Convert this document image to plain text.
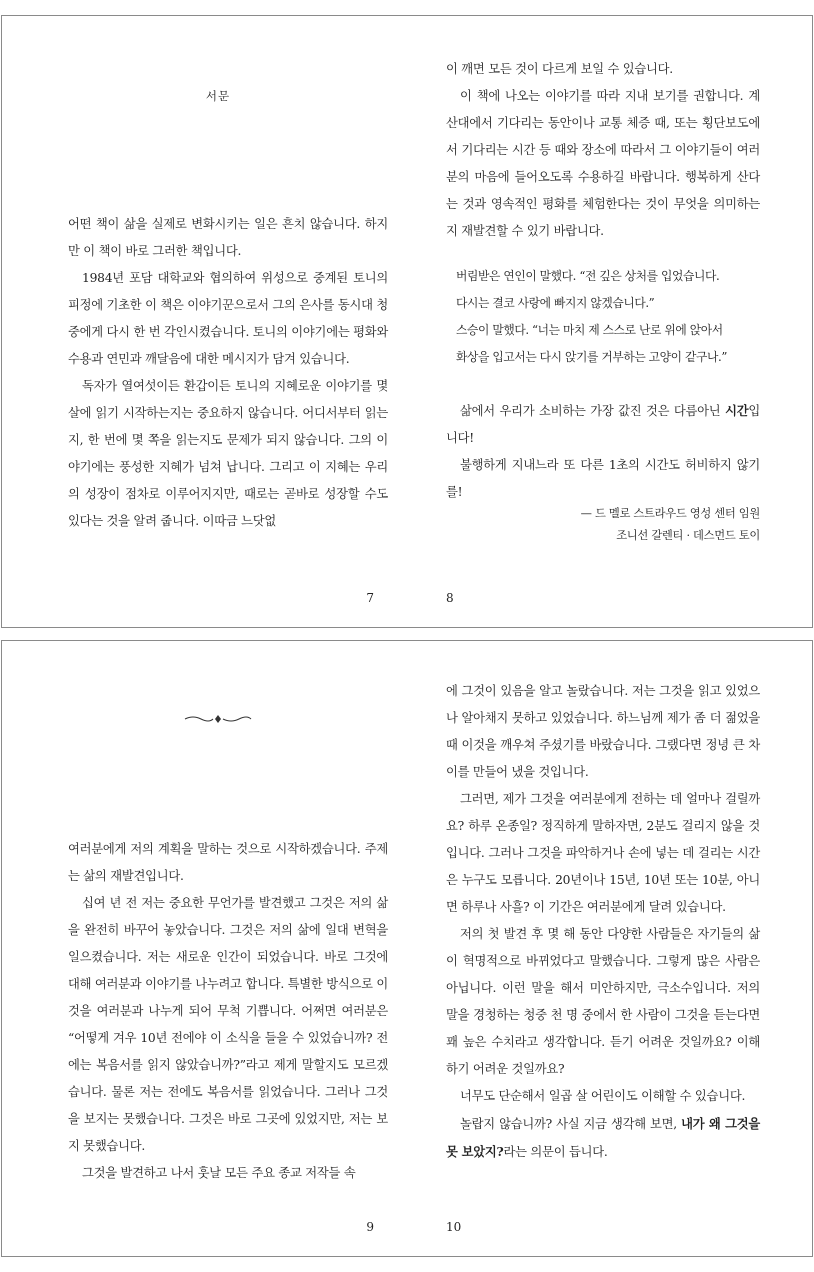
서문

어떤 책이 삶을 실제로 변화시키는 일은 흔치 않습니다. 하지만 이 책이 바로 그러한 책입니다.

1984년 포담 대학교와 협의하여 위성으로 중계된 토니의 피정에 기초한 이 책은 이야기꾼으로서 그의 은사를 동시대 청중에게 다시 한 번 각인시켰습니다. 토니의 이야기에는 평화와 수용과 연민과 깨달음에 대한 메시지가 담겨 있습니다.

독자가 열여섯이든 환갑이든 토니의 지혜로운 이야기를 몇 살에 읽기 시작하는지는 중요하지 않습니다. 어디서부터 읽는지, 한 번에 몇 쪽을 읽는지도 문제가 되지 않습니다. 그의 이야기에는 풍성한 지혜가 넘쳐 납니다. 그리고 이 지혜는 우리의 성장이 점차로 이루어지지만, 때로는 곧바로 성장할 수도 있다는 것을 알려 줍니다. 이따금 느닷없

7

이 깨면 모든 것이 다르게 보일 수 있습니다.

이 책에 나오는 이야기를 따라 지내 보기를 권합니다. 계산대에서 기다리는 동안이나 교통 체증 때, 또는 횡단보도에서 기다리는 시간 등 때와 장소에 따라서 그 이야기들이 여러분의 마음에 들어오도록 수용하길 바랍니다. 행복하게 산다는 것과 영속적인 평화를 체험한다는 것이 무엇을 의미하는지 재발견할 수 있기 바랍니다.

버림받은 연인이 말했다. “전 깊은 상처를 입었습니다.

다시는 결코 사랑에 빠지지 않겠습니다.”

스승이 말했다. “너는 마치 제 스스로 난로 위에 앉아서

화상을 입고서는 다시 앉기를 거부하는 고양이 같구나.”

삶에서 우리가 소비하는 가장 값진 것은 다름아닌 시간입니다!

불행하게 지내느라 또 다른 1초의 시간도 허비하지 않기를!

— 드 멜로 스트라우드 영성 센터 임원

조니선 갈렌티 · 데스먼드 토이

8

여러분에게 저의 계획을 말하는 것으로 시작하겠습니다. 주제는 삶의 재발견입니다.

십여 년 전 저는 중요한 무언가를 발견했고 그것은 저의 삶을 완전히 바꾸어 놓았습니다. 그것은 저의 삶에 일대 변혁을 일으켰습니다. 저는 새로운 인간이 되었습니다. 바로 그것에 대해 여러분과 이야기를 나누려고 합니다. 특별한 방식으로 이것을 여러분과 나누게 되어 무척 기쁩니다. 어쩌면 여러분은 “어떻게 겨우 10년 전에야 이 소식을 들을 수 있었습니까? 전에는 복음서를 읽지 않았습니까?”라고 제게 말할지도 모르겠습니다. 물론 저는 전에도 복음서를 읽었습니다. 그러나 그것을 보지는 못했습니다. 그것은 바로 그곳에 있었지만, 저는 보지 못했습니다.

그것을 발견하고 나서 훗날 모든 주요 종교 저작들 속

9

에 그것이 있음을 알고 놀랐습니다. 저는 그것을 읽고 있었으나 알아채지 못하고 있었습니다. 하느님께 제가 좀 더 젊었을 때 이것을 깨우쳐 주셨기를 바랐습니다. 그랬다면 정녕 큰 차이를 만들어 냈을 것입니다.

그러면, 제가 그것을 여러분에게 전하는 데 얼마나 걸릴까요? 하루 온종일? 정직하게 말하자면, 2분도 걸리지 않을 것입니다. 그러나 그것을 파악하거나 손에 넣는 데 걸리는 시간은 누구도 모릅니다. 20년이나 15년, 10년 또는 10분, 아니면 하루나 사흘? 이 기간은 여러분에게 달려 있습니다.

저의 첫 발견 후 몇 해 동안 다양한 사람들은 자기들의 삶이 혁명적으로 바뀌었다고 말했습니다. 그렇게 많은 사람은 아닙니다. 이런 말을 해서 미안하지만, 극소수입니다. 저의 말을 경청하는 청중 천 명 중에서 한 사람이 그것을 듣는다면 꽤 높은 수치라고 생각합니다. 듣기 어려운 것일까요? 이해하기 어려운 것일까요?

너무도 단순해서 일곱 살 어린이도 이해할 수 있습니다.

놀랍지 않습니까? 사실 지금 생각해 보면, 내가 왜 그것을 못 보았지?라는 의문이 듭니다.

10
